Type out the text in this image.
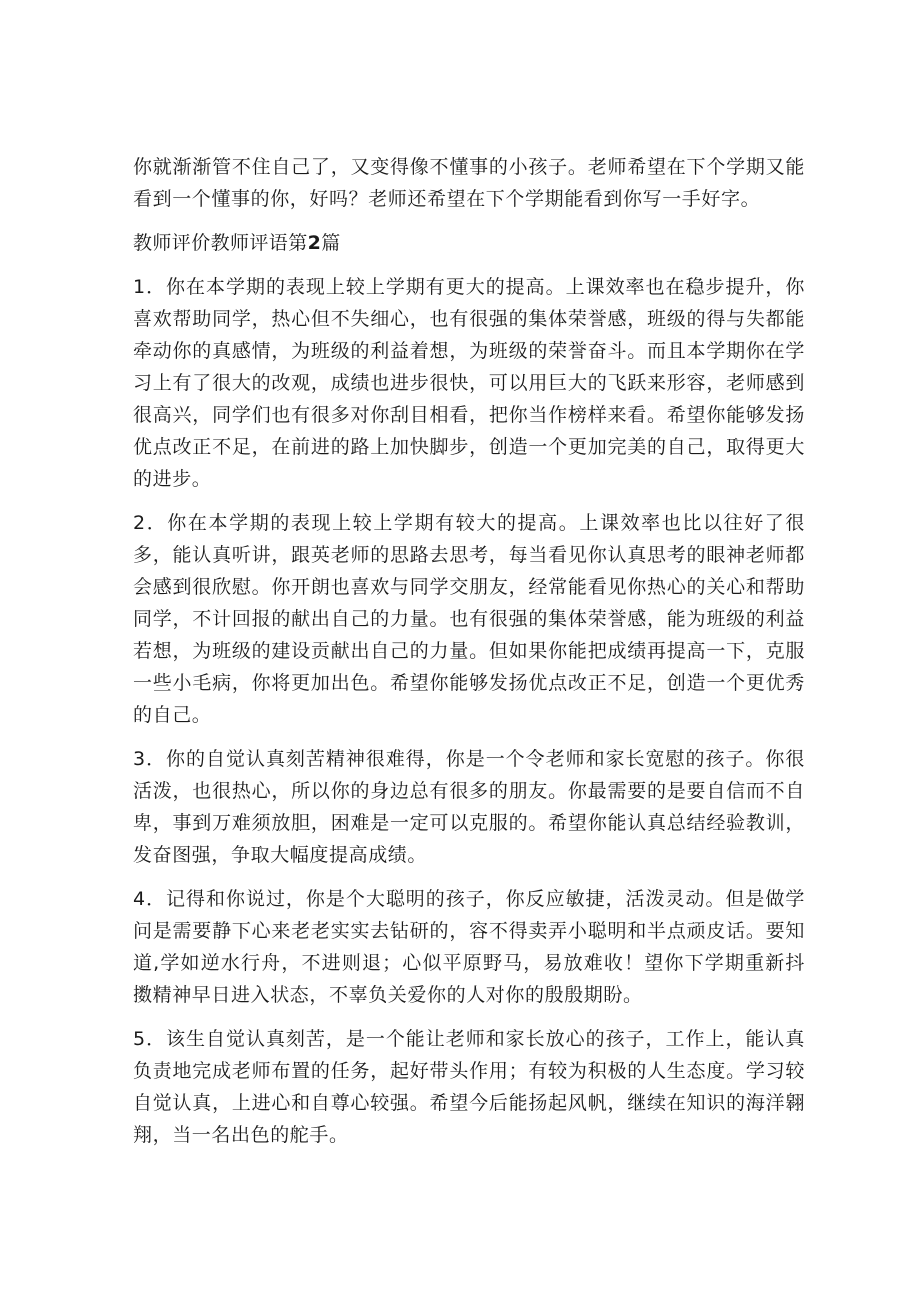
你就渐渐管不住自己了，又变得像不懂事的小孩子。老师希望在下个学期又能看到一个懂事的你，好吗？老师还希望在下个学期能看到你写一手好字。

教师评价教师评语第2篇

1．你在本学期的表现上较上学期有更大的提高。上课效率也在稳步提升，你喜欢帮助同学，热心但不失细心，也有很强的集体荣誉感，班级的得与失都能牵动你的真感情，为班级的利益着想，为班级的荣誉奋斗。而且本学期你在学习上有了很大的改观，成绩也进步很快，可以用巨大的飞跃来形容，老师感到很高兴，同学们也有很多对你刮目相看，把你当作榜样来看。希望你能够发扬优点改正不足，在前进的路上加快脚步，创造一个更加完美的自己，取得更大的进步。

2．你在本学期的表现上较上学期有较大的提高。上课效率也比以往好了很多，能认真听讲，跟英老师的思路去思考，每当看见你认真思考的眼神老师都会感到很欣慰。你开朗也喜欢与同学交朋友，经常能看见你热心的关心和帮助同学，不计回报的献出自己的力量。也有很强的集体荣誉感，能为班级的利益若想，为班级的建设贡献出自己的力量。但如果你能把成绩再提高一下，克服一些小毛病，你将更加出色。希望你能够发扬优点改正不足，创造一个更优秀的自己。

3．你的自觉认真刻苦精神很难得，你是一个令老师和家长宽慰的孩子。你很活泼，也很热心，所以你的身边总有很多的朋友。你最需要的是要自信而不自卑，事到万难须放胆，困难是一定可以克服的。希望你能认真总结经验教训，发奋图强，争取大幅度提高成绩。

4．记得和你说过，你是个大聪明的孩子，你反应敏捷，活泼灵动。但是做学问是需要静下心来老老实实去钻研的，容不得卖弄小聪明和半点顽皮话。要知道,学如逆水行舟，不进则退；心似平原野马，易放难收！望你下学期重新抖擞精神早日进入状态，不辜负关爱你的人对你的殷殷期盼。

5．该生自觉认真刻苦，是一个能让老师和家长放心的孩子，工作上，能认真负责地完成老师布置的任务，起好带头作用；有较为积极的人生态度。学习较自觉认真，上进心和自尊心较强。希望今后能扬起风帆，继续在知识的海洋翱翔，当一名出色的舵手。
